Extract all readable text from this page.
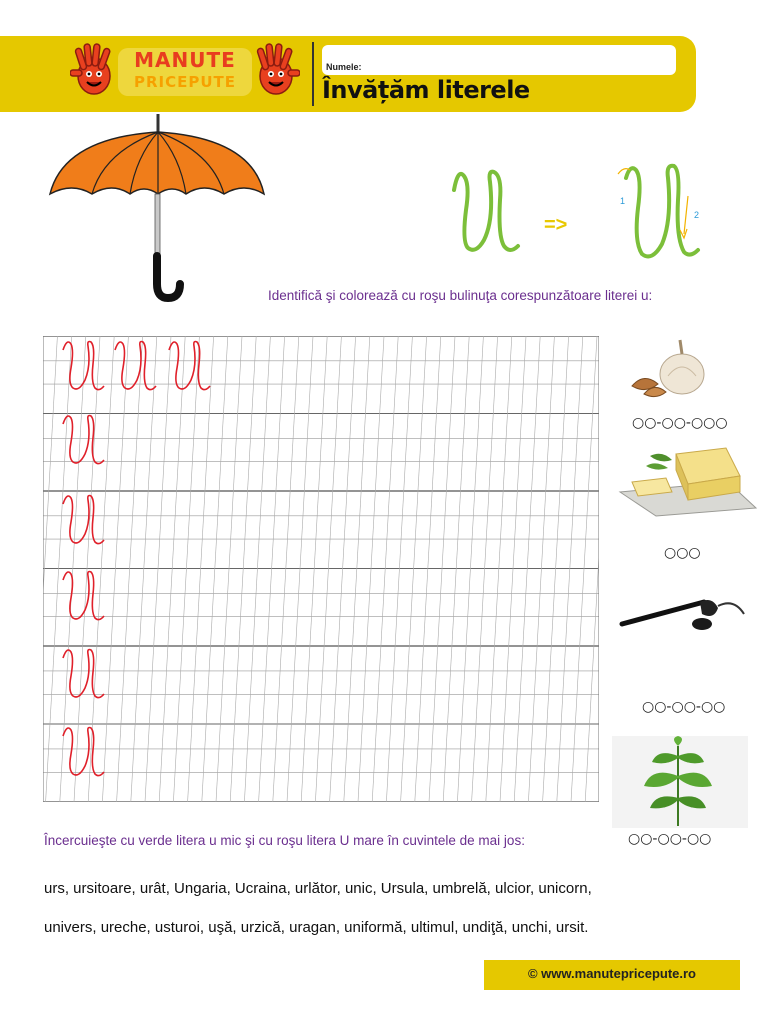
MANUTE
PRICEPUTE
Numele:
Învățăm literele
1
2
=>
Identifică şi colorează cu roşu bulinuţa corespunzătoare literei u:
○○-○○-○○○
○○○
○○-○○-○○
○○-○○-○○
Încercuieşte cu verde litera u mic şi cu roşu litera U mare în cuvintele de mai jos:
urs, ursitoare, urât, Ungaria, Ucraina, urlător, unic, Ursula, umbrelă, ulcior, unicorn,
univers, ureche, usturoi, uşă, urzică, uragan, uniformă, ultimul, undiţă, unchi, ursit.
© www.manutepricepute.ro
